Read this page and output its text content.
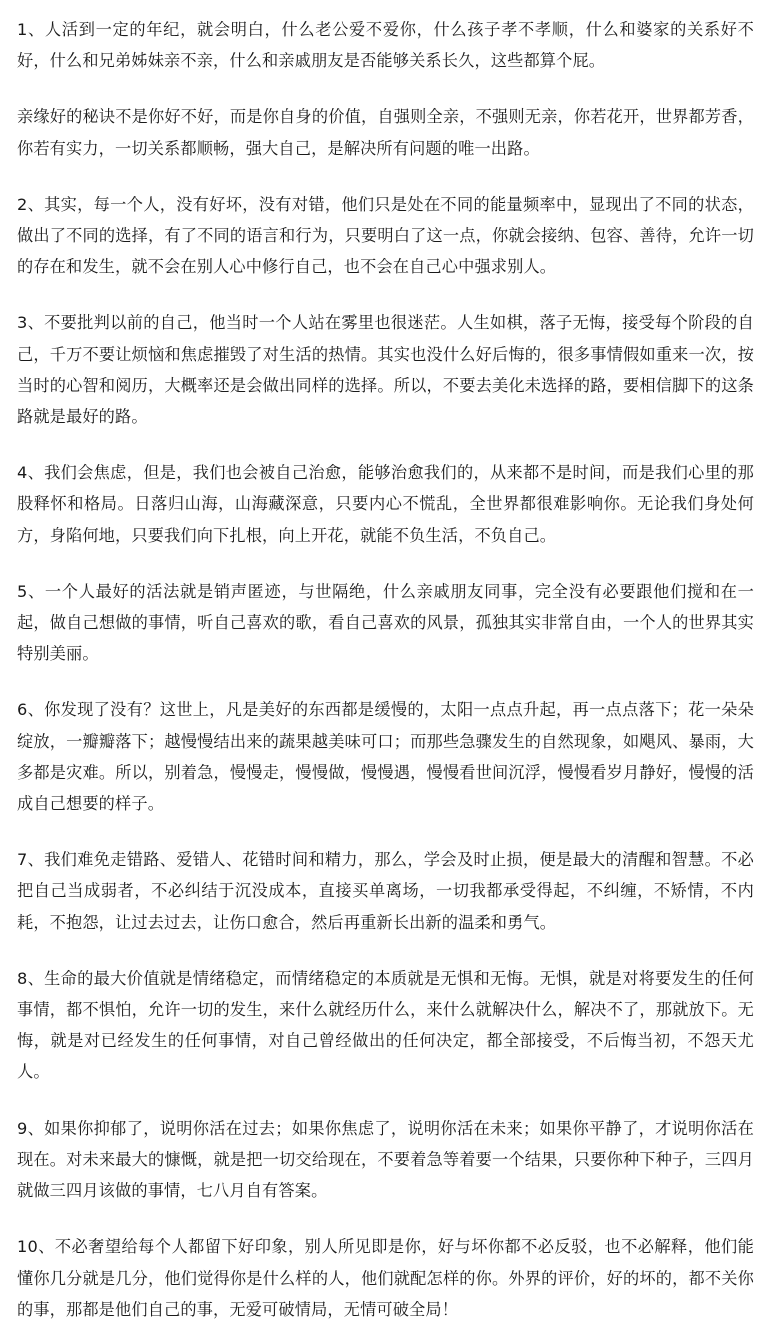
1、人活到一定的年纪，就会明白，什么老公爱不爱你，什么孩子孝不孝顺，什么和婆家的关系好不好，什么和兄弟姊妹亲不亲，什么和亲戚朋友是否能够关系长久，这些都算个屁。

亲缘好的秘诀不是你好不好，而是你自身的价值，自强则全亲，不强则无亲，你若花开，世界都芳香，你若有实力，一切关系都顺畅，强大自己，是解决所有问题的唯一出路。

2、其实，每一个人，没有好坏，没有对错，他们只是处在不同的能量频率中，显现出了不同的状态，做出了不同的选择，有了不同的语言和行为，只要明白了这一点，你就会接纳、包容、善待，允许一切的存在和发生，就不会在别人心中修行自己，也不会在自己心中强求别人。

3、不要批判以前的自己，他当时一个人站在雾里也很迷茫。人生如棋，落子无悔，接受每个阶段的自己，千万不要让烦恼和焦虑摧毁了对生活的热情。其实也没什么好后悔的，很多事情假如重来一次，按当时的心智和阅历，大概率还是会做出同样的选择。所以，不要去美化未选择的路，要相信脚下的这条路就是最好的路。

4、我们会焦虑，但是，我们也会被自己治愈，能够治愈我们的，从来都不是时间，而是我们心里的那股释怀和格局。日落归山海，山海藏深意，只要内心不慌乱，全世界都很难影响你。无论我们身处何方，身陷何地，只要我们向下扎根，向上开花，就能不负生活，不负自己。

5、一个人最好的活法就是销声匿迹，与世隔绝，什么亲戚朋友同事，完全没有必要跟他们搅和在一起，做自己想做的事情，听自己喜欢的歌，看自己喜欢的风景，孤独其实非常自由，一个人的世界其实特别美丽。

6、你发现了没有？这世上，凡是美好的东西都是缓慢的，太阳一点点升起，再一点点落下；花一朵朵绽放，一瓣瓣落下；越慢慢结出来的蔬果越美味可口；而那些急骤发生的自然现象，如飓风、暴雨，大多都是灾难。所以，别着急，慢慢走，慢慢做，慢慢遇，慢慢看世间沉浮，慢慢看岁月静好，慢慢的活成自己想要的样子。

7、我们难免走错路、爱错人、花错时间和精力，那么，学会及时止损，便是最大的清醒和智慧。不必把自己当成弱者，不必纠结于沉没成本，直接买单离场，一切我都承受得起，不纠缠，不矫情，不内耗，不抱怨，让过去过去，让伤口愈合，然后再重新长出新的温柔和勇气。

8、生命的最大价值就是情绪稳定，而情绪稳定的本质就是无惧和无悔。无惧，就是对将要发生的任何事情，都不惧怕，允许一切的发生，来什么就经历什么，来什么就解决什么，解决不了，那就放下。无悔，就是对已经发生的任何事情，对自己曾经做出的任何决定，都全部接受，不后悔当初，不怨天尤人。

9、如果你抑郁了，说明你活在过去；如果你焦虑了，说明你活在未来；如果你平静了，才说明你活在现在。对未来最大的慷慨，就是把一切交给现在，不要着急等着要一个结果，只要你种下种子，三四月就做三四月该做的事情，七八月自有答案。

10、不必奢望给每个人都留下好印象，别人所见即是你，好与坏你都不必反驳，也不必解释，他们能懂你几分就是几分，他们觉得你是什么样的人，他们就配怎样的你。外界的评价，好的坏的，都不关你的事，那都是他们自己的事，无爱可破情局，无情可破全局！
